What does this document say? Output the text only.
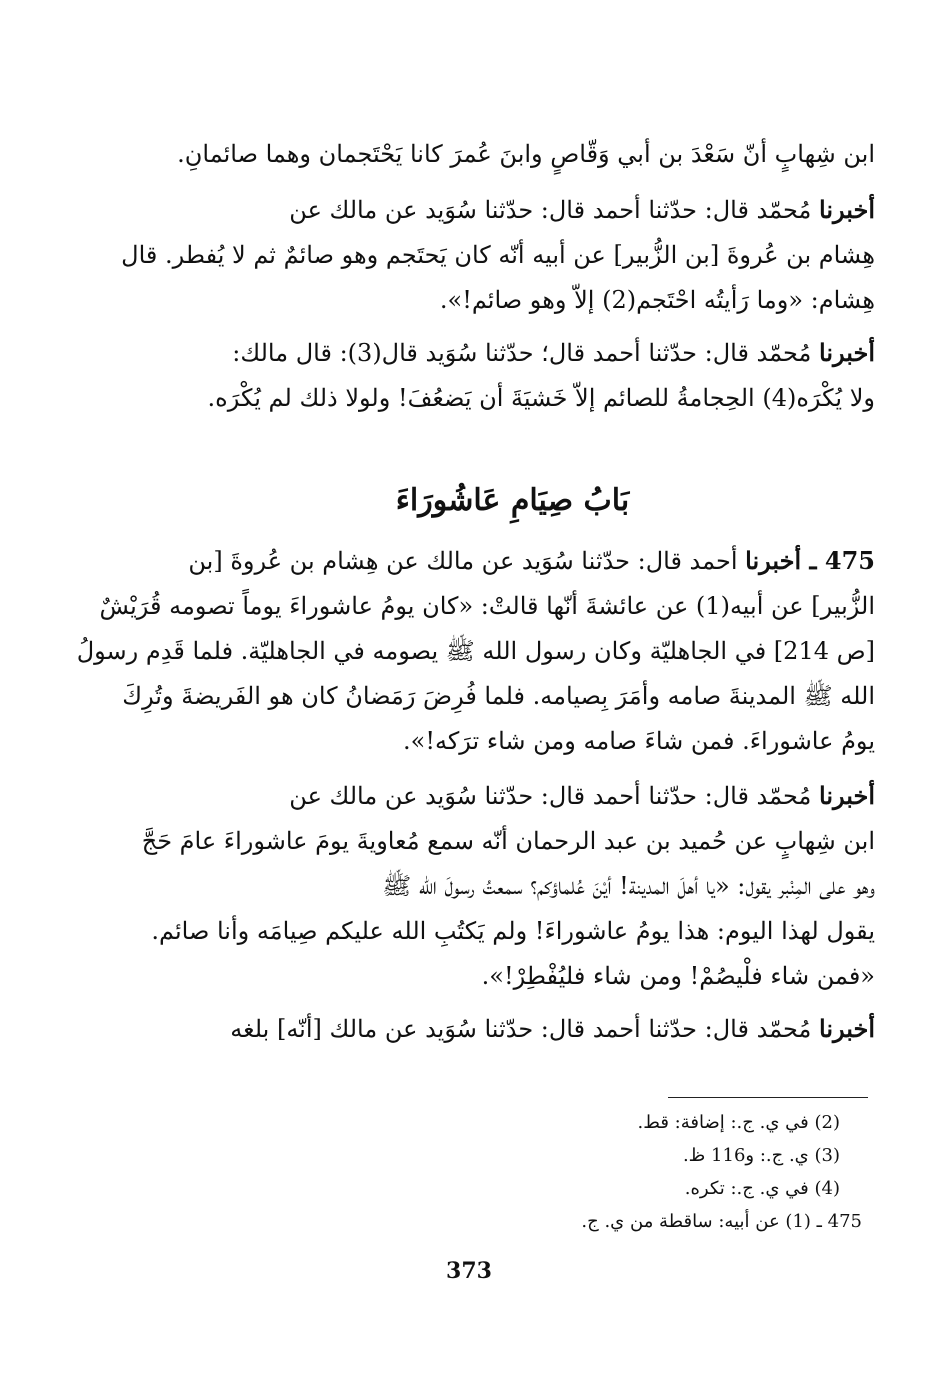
ابن شِهابٍ أنّ سَعْدَ بن أبي وَقّاصٍ وابنَ عُمرَ كانا يَحْتَجمان وهما صائمانِ.
أخبرنا مُحمّد قال: حدّثنا أحمد قال: حدّثنا سُوَيد عن مالك عن
هِشام بن عُروةَ [بن الزُّبير] عن أبيه أنّه كان يَحتَجم وهو صائمٌ ثم لا يُفطر. قال
هِشام: «وما رَأيتُه احْتَجم(2) إلاّ وهو صائم!».
أخبرنا مُحمّد قال: حدّثنا أحمد قال؛ حدّثنا سُوَيد قال(3): قال مالك:
ولا يُكْرَه(4) الحِجامةُ للصائم إلاّ خَشيَةَ أن يَضعُفَ! ولولا ذلك لم يُكْرَه.
بَابُ صِيَامِ عَاشُورَاءَ
475 ـ أخبرنا أحمد قال: حدّثنا سُوَيد عن مالك عن هِشام بن عُروةَ [بن
الزُّبير] عن أبيه(1) عن عائشةَ أنّها قالتْ: «كان يومُ عاشوراءَ يوماً تصومه قُرَيْشٌ
[ص 214] في الجاهليّة وكان رسول الله ﷺ يصومه في الجاهليّة. فلما قَدِم رسولُ
الله ﷺ المدينةَ صامه وأمَرَ بِصيامه. فلما فُرِضَ رَمَضانُ كان هو الفَريضةَ وتُرِكَ
يومُ عاشوراءَ. فمن شاءَ صامه ومن شاء ترَكه!».
أخبرنا مُحمّد قال: حدّثنا أحمد قال: حدّثنا سُوَيد عن مالك عن
ابن شِهابٍ عن حُميد بن عبد الرحمان أنّه سمع مُعاويةَ يومَ عاشوراءَ عامَ حَجَّ
وهو على المِنْبر يقول: «يا أهلَ المدينة! أيْنَ عُلماؤكم؟ سمعتُ رسولَ الله ﷺ
يقول لهذا اليوم: هذا يومُ عاشوراءَ! ولم يَكتُبِ الله عليكم صِيامَه وأنا صائم.
«فمن شاء فلْيصُمْ! ومن شاء فليُفْطِرْ!».
أخبرنا مُحمّد قال: حدّثنا أحمد قال: حدّثنا سُوَيد عن مالك [أنّه] بلغه
(2) في ي. ج.: إضافة: قط.
(3) ي. ج.: و116 ظ.
(4) في ي. ج.: تكره.
475 ـ (1) عن أبيه: ساقطة من ي. ج.
373
